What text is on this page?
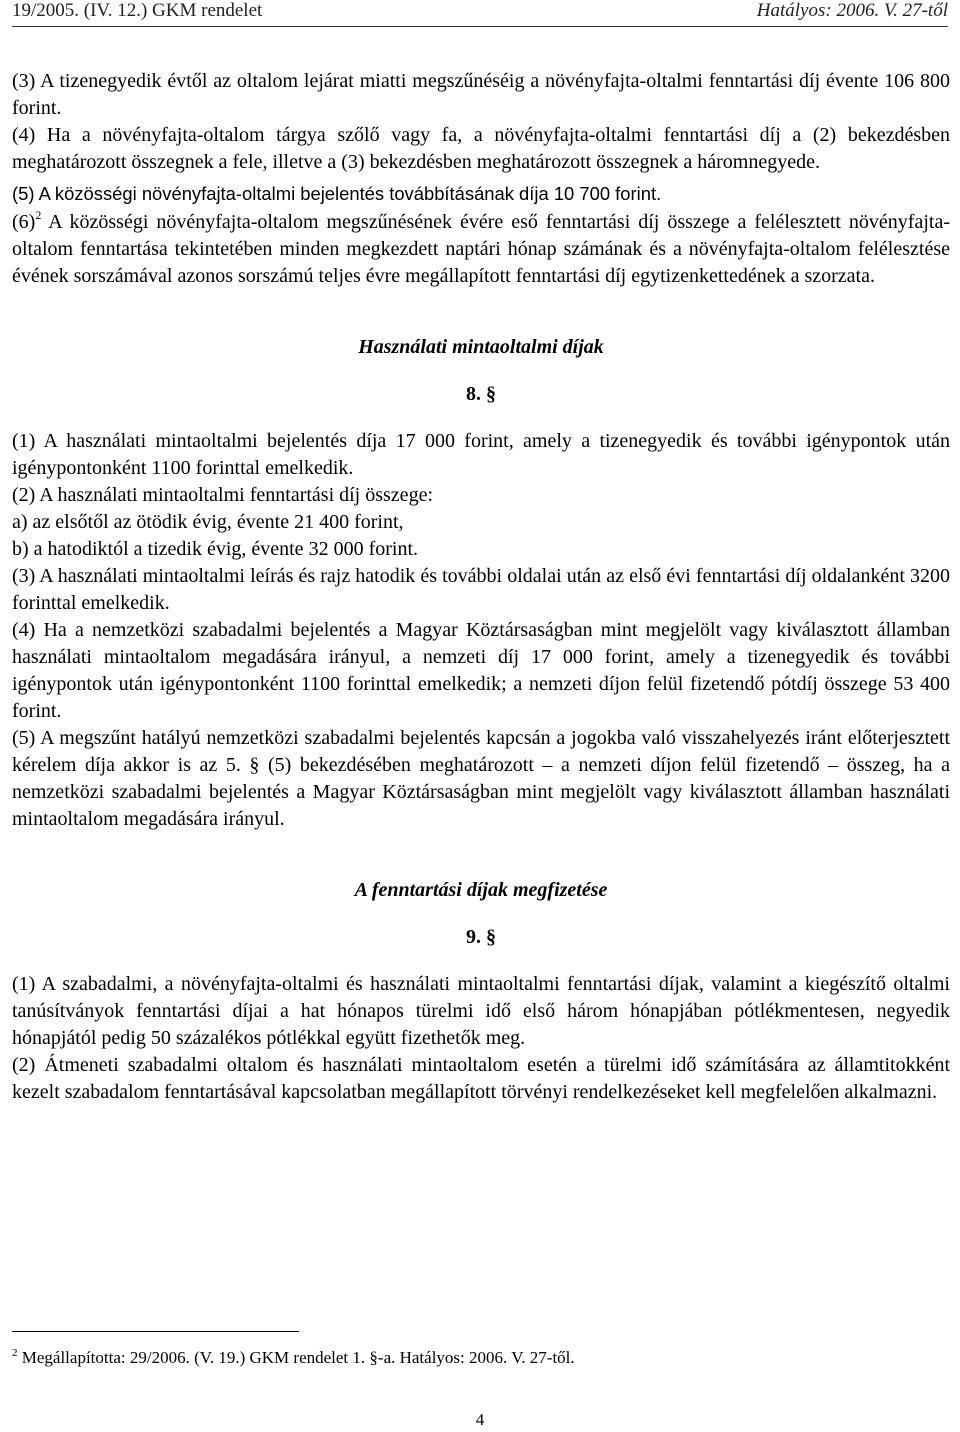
19/2005. (IV. 12.) GKM rendelet	Hatályos: 2006. V. 27-től

(3) A tizenegyedik évtől az oltalom lejárat miatti megszűnéséig a növényfajta-oltalmi fenntartási díj évente 106 800 forint.

(4) Ha a növényfajta-oltalom tárgya szőlő vagy fa, a növényfajta-oltalmi fenntartási díj a (2) bekezdésben meghatározott összegnek a fele, illetve a (3) bekezdésben meghatározott összegnek a háromnegyede.

(5) A közösségi növényfajta-oltalmi bejelentés továbbításának díja 10 700 forint.

$(6)^2$ A közösségi növényfajta-oltalom megszűnésének évére eső fenntartási díj összege a felélesztett növényfajta-oltalom fenntartása tekintetében minden megkezdett naptári hónap számának és a növényfajta-oltalom felélesztése évének sorszámával azonos sorszámú teljes évre megállapított fenntartási díj egytizenkettedének a szorzata.

Használati mintaoltalmi díjak

8. §

(1) A használati mintaoltalmi bejelentés díja 17 000 forint, amely a tizenegyedik és további igénypontok után igénypontonként 1100 forinttal emelkedik.

(2) A használati mintaoltalmi fenntartási díj összege:

a) az elsőtől az ötödik évig, évente 21 400 forint,

b) a hatodiktól a tizedik évig, évente 32 000 forint.

(3) A használati mintaoltalmi leírás és rajz hatodik és további oldalai után az első évi fenntartási díj oldalanként 3200 forinttal emelkedik.

(4) Ha a nemzetközi szabadalmi bejelentés a Magyar Köztársaságban mint megjelölt vagy kiválasztott államban használati mintaoltalom megadására irányul, a nemzeti díj 17 000 forint, amely a tizenegyedik és további igénypontok után igénypontonként 1100 forinttal emelkedik; a nemzeti díjon felül fizetendő pótdíj összege 53 400 forint.

(5) A megszűnt hatályú nemzetközi szabadalmi bejelentés kapcsán a jogokba való visszahelyezés iránt előterjesztett kérelem díja akkor is az 5. § (5) bekezdésében meghatározott – a nemzeti díjon felül fizetendő – összeg, ha a nemzetközi szabadalmi bejelentés a Magyar Köztársaságban mint megjelölt vagy kiválasztott államban használati mintaoltalom megadására irányul.

A fenntartási díjak megfizetése

9. §

(1) A szabadalmi, a növényfajta-oltalmi és használati mintaoltalmi fenntartási díjak, valamint a kiegészítő oltalmi tanúsítványok fenntartási díjai a hat hónapos türelmi idő első három hónapjában pótlékmentesen, negyedik hónapjától pedig 50 százalékos pótlékkal együtt fizethetők meg.

(2) Átmeneti szabadalmi oltalom és használati mintaoltalom esetén a türelmi idő számítására az államtitokként kezelt szabadalom fenntartásával kapcsolatban megállapított törvényi rendelkezéseket kell megfelelően alkalmazni.

$^2$ Megállapította: 29/2006. (V. 19.) GKM rendelet 1. §-a. Hatályos: 2006. V. 27-től.
4
